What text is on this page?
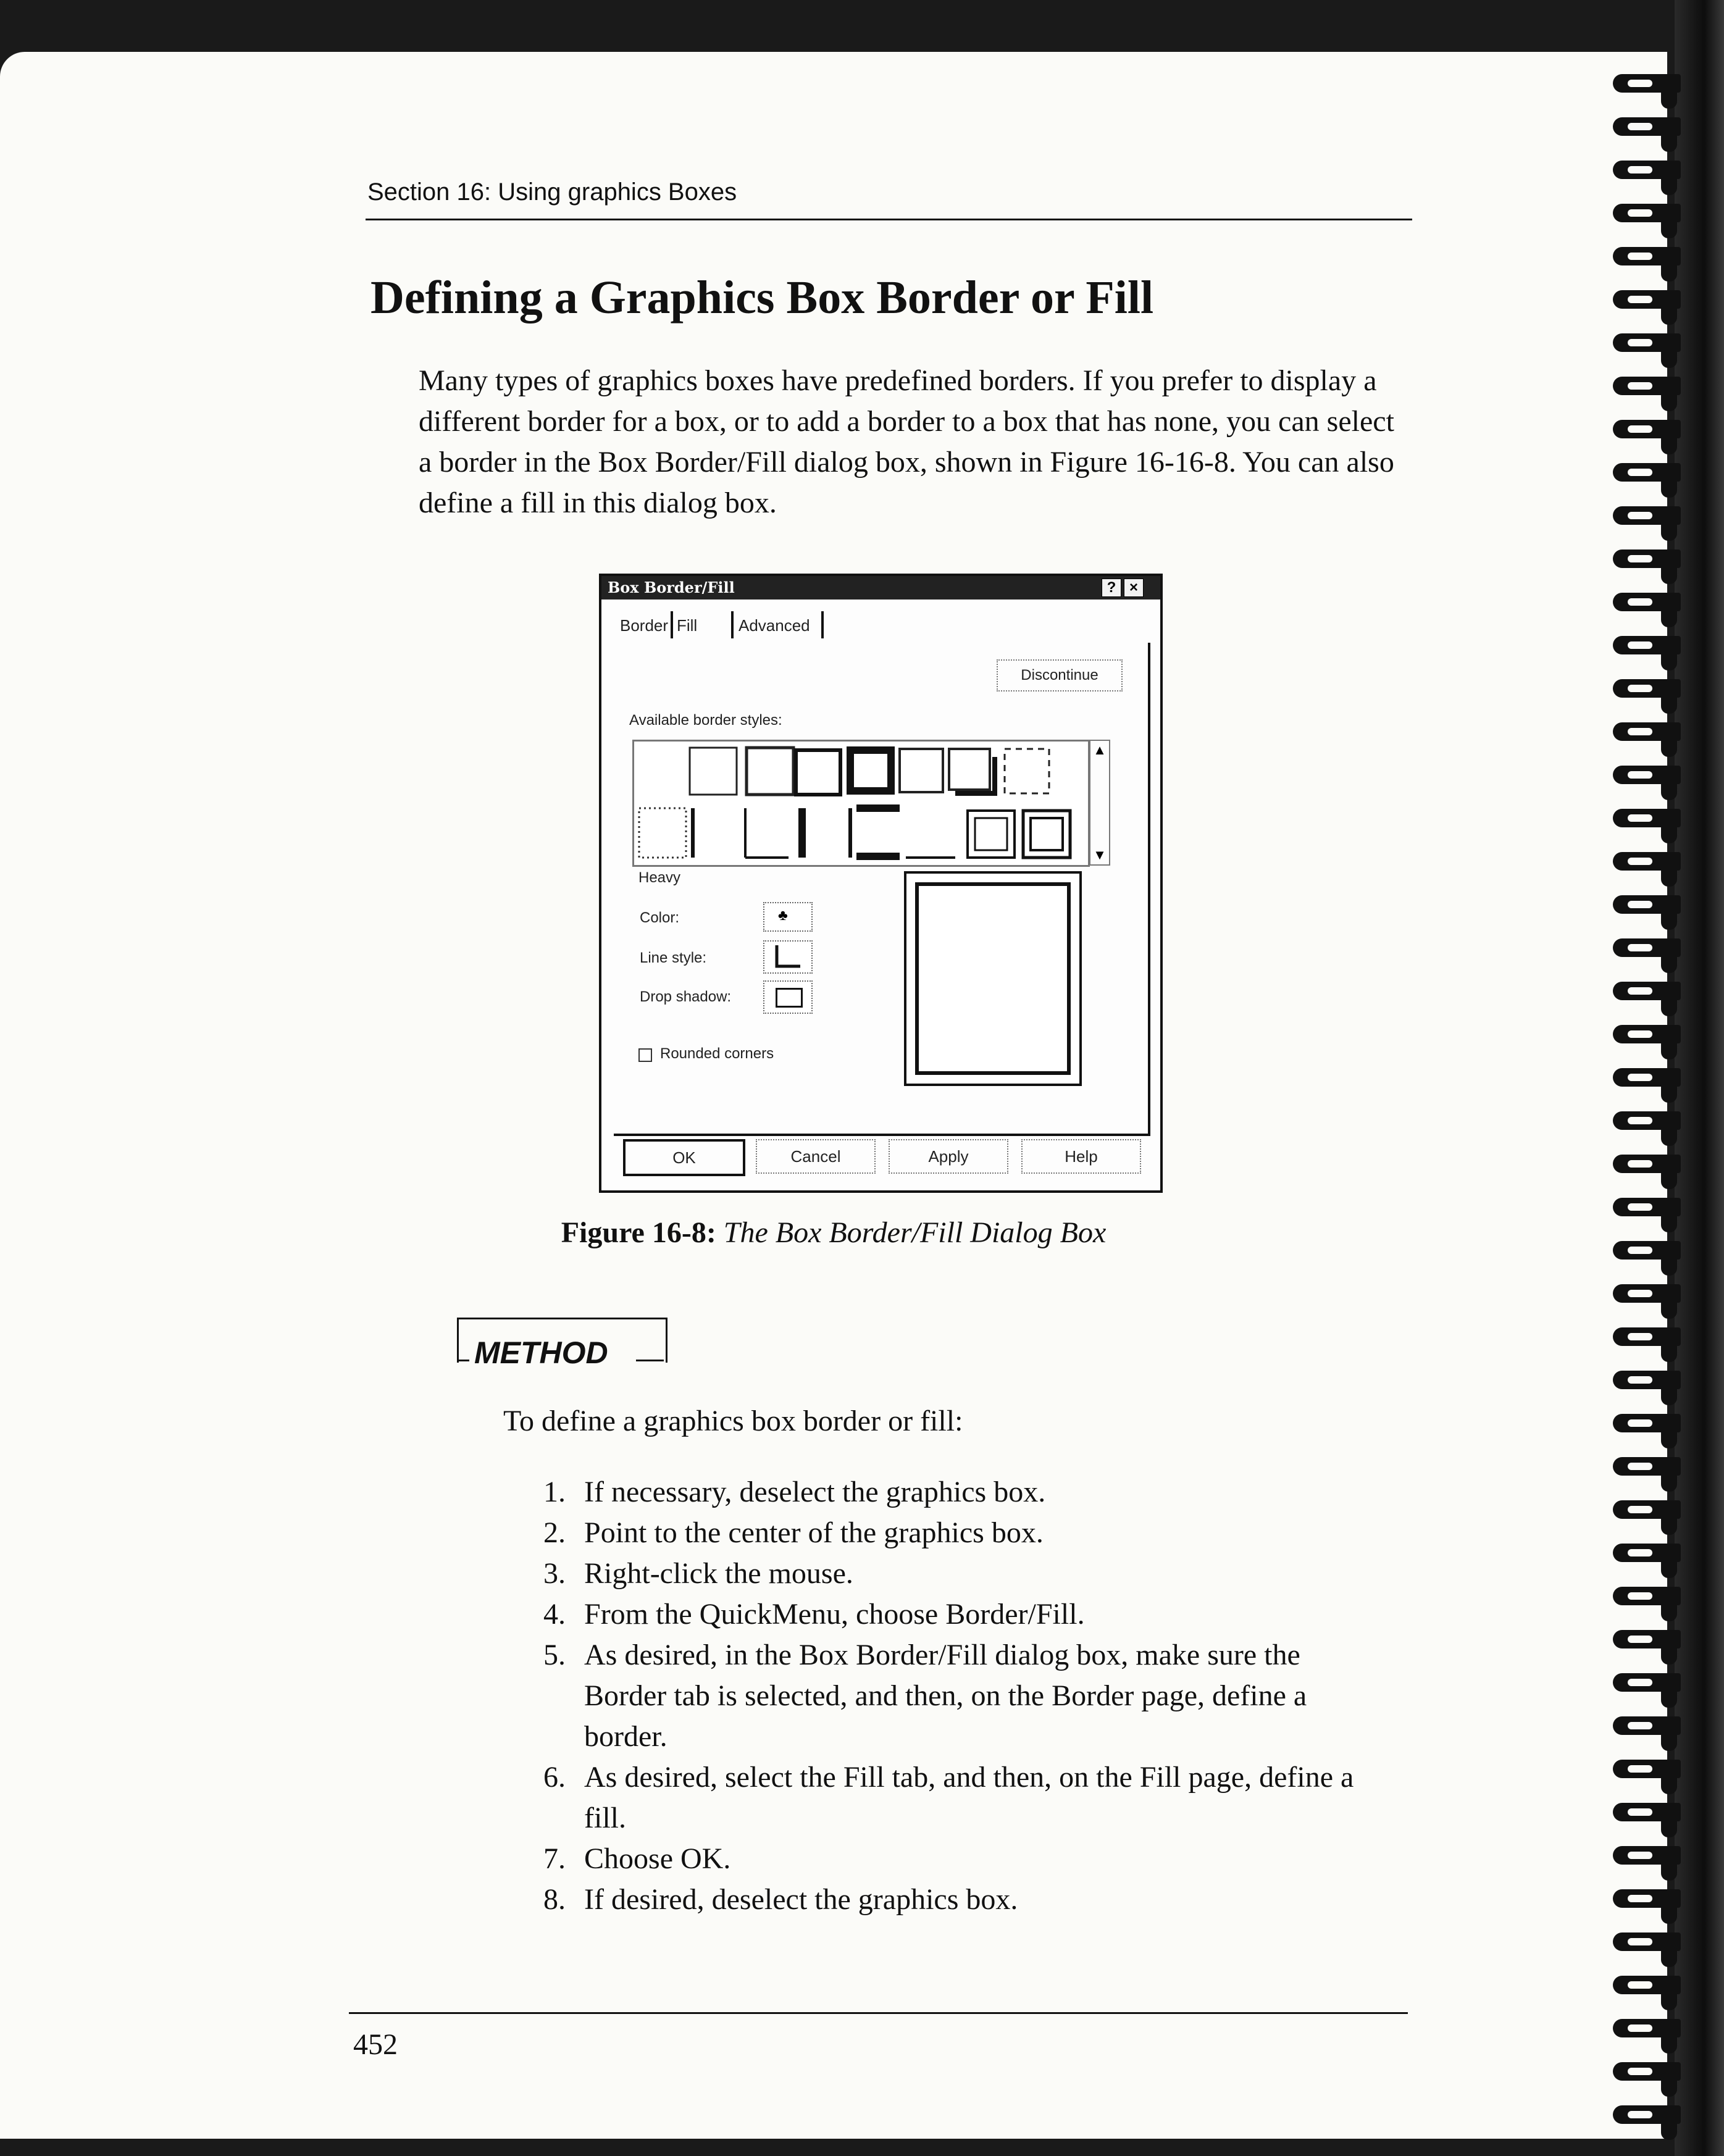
Section 16: Using graphics Boxes
Defining a Graphics Box Border or Fill
Many types of graphics boxes have predefined borders. If you prefer to display a different border for a box, or to add a border to a box that has none, you can select a border in the Box Border/Fill dialog box, shown in Figure 16-16-8. You can also define a fill in this dialog box.
Box Border/Fill	? ×
Border Fill	Advanced
Discontinue
Available border styles:
▲
▼
Heavy
Color:	♣
Line style:
Drop shadow:
Rounded corners
OK	Cancel	Apply	Help
Figure 16-8: The Box Border/Fill Dialog Box
METHOD
To define a graphics box border or fill:
1. If necessary, deselect the graphics box.
2. Point to the center of the graphics box.
3. Right-click the mouse.
4. From the QuickMenu, choose Border/Fill.
5. As desired, in the Box Border/Fill dialog box, make sure the Border tab is selected, and then, on the Border page, define a border.
6. As desired, select the Fill tab, and then, on the Fill page, define a fill.
7. Choose OK.
8. If desired, deselect the graphics box.
452
